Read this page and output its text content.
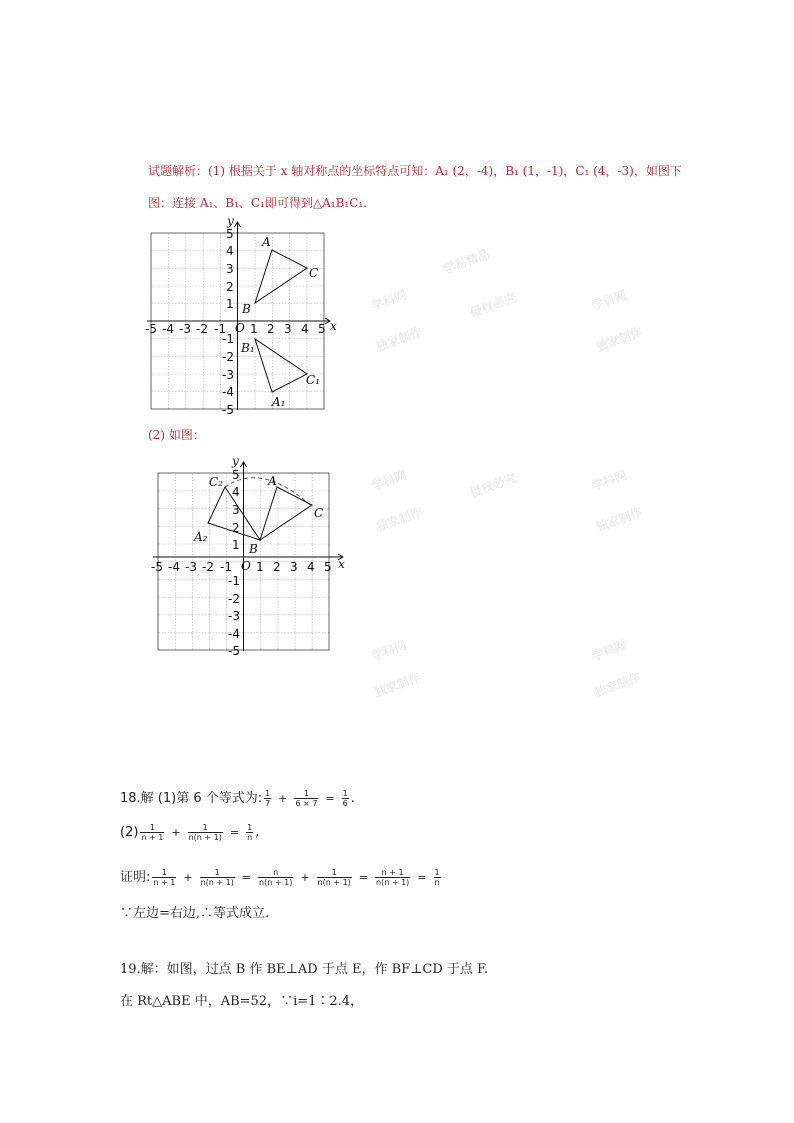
试题解析：(1) 根据关于 x 轴对称点的坐标特点可知：A₁ (2，-4)，B₁ (1，-1)，C₁ (4，-3)，如图下
图：连接 A₁、B₁、C₁即可得到△A₁B₁C₁.
x
y
O
-5 -4 -3 -2 -1 1 2 3 4 5
5
4
3
2
1
-1
-2
-3
-4
-5
A
B
C
A₁
B₁
C₁
(2) 如图：
x
y
O
-5 -4 -3 -2 -1 1 2 3 4 5
5
4
3
2
1
-1
-2
-3
-4
-5
A
B
C
A₂
C₂
学科网
学易精品
独家制作
侵权必究	学科网
独家制作
学科网
独家制作
侵权必究	学科网
独家制作
学科网
独家制作
学科网
独家制作
18.解 (1)第 6 个等式为: $\frac{1}{7} + \frac{1}{6 \times 7} = \frac{1}{6}$ .
$(2) \frac{1}{n + 1} + \frac{1}{n(n + 1)} = \frac{1}{n}$ ,
证明: $\frac{1}{n + 1} + \frac{1}{n(n + 1)} = \frac{n}{n(n + 1)} + \frac{1}{n(n + 1)} = \frac{n + 1}{n(n + 1)} = \frac{1}{n}$
∵左边=右边,∴等式成立.
19.解：如图，过点 B 作 BE⊥AD 于点 E，作 BF⊥CD 于点 F.
在 Rt△ABE 中，AB=52，∵i=1∶2.4，
